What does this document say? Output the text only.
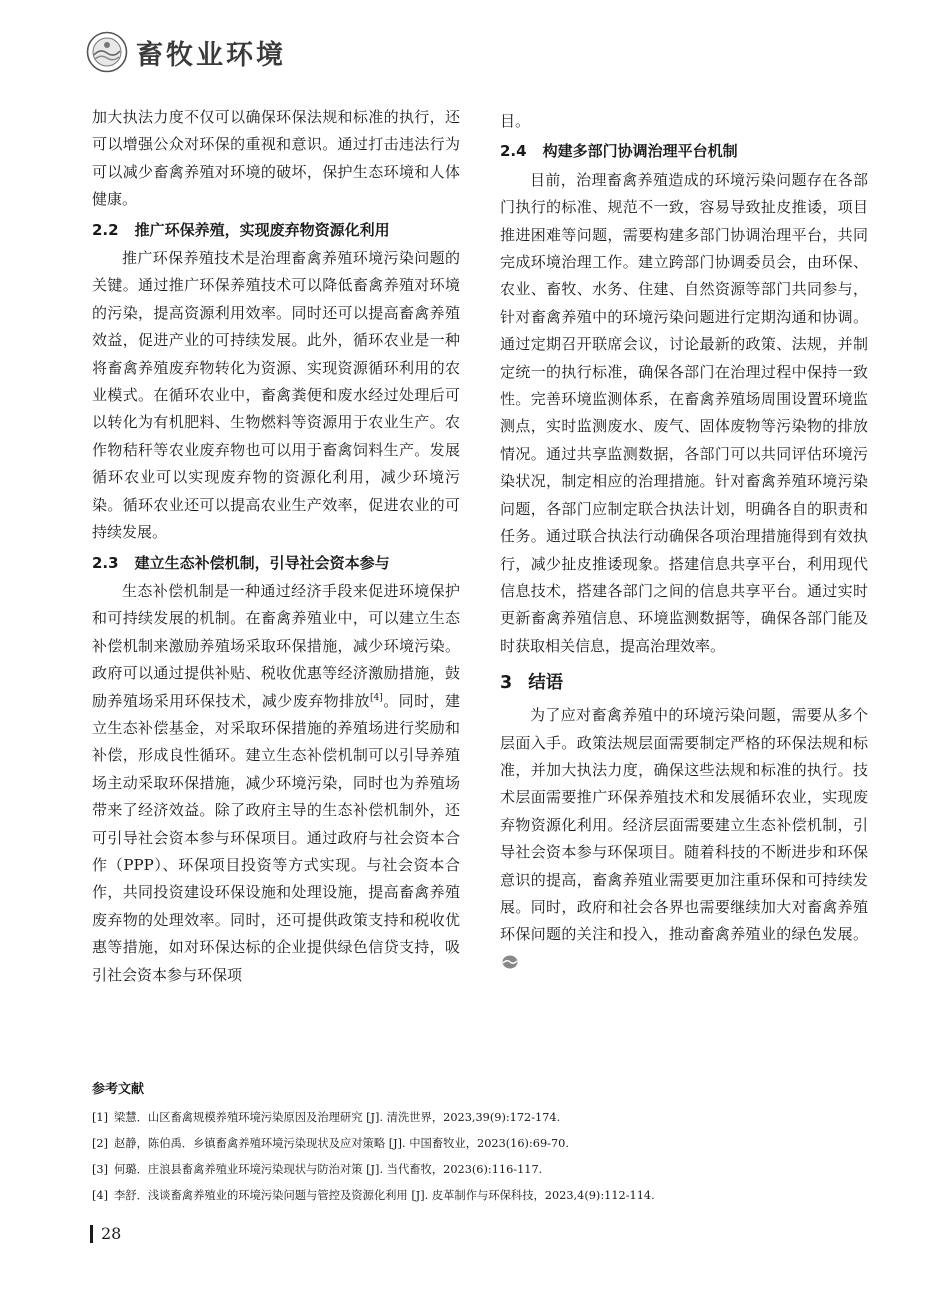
畜牧业环境

加大执法力度不仅可以确保环保法规和标准的执行，还可以增强公众对环保的重视和意识。通过打击违法行为可以减少畜禽养殖对环境的破坏，保护生态环境和人体健康。

2.2 推广环保养殖，实现废弃物资源化利用

推广环保养殖技术是治理畜禽养殖环境污染问题的关键。通过推广环保养殖技术可以降低畜禽养殖对环境的污染，提高资源利用效率。同时还可以提高畜禽养殖效益，促进产业的可持续发展。此外，循环农业是一种将畜禽养殖废弃物转化为资源、实现资源循环利用的农业模式。在循环农业中，畜禽粪便和废水经过处理后可以转化为有机肥料、生物燃料等资源用于农业生产。农作物秸秆等农业废弃物也可以用于畜禽饲料生产。发展循环农业可以实现废弃物的资源化利用，减少环境污染。循环农业还可以提高农业生产效率，促进农业的可持续发展。

2.3 建立生态补偿机制，引导社会资本参与

生态补偿机制是一种通过经济手段来促进环境保护和可持续发展的机制。在畜禽养殖业中，可以建立生态补偿机制来激励养殖场采取环保措施，减少环境污染。政府可以通过提供补贴、税收优惠等经济激励措施，鼓励养殖场采用环保技术，减少废弃物排放[4]。同时，建立生态补偿基金，对采取环保措施的养殖场进行奖励和补偿，形成良性循环。建立生态补偿机制可以引导养殖场主动采取环保措施，减少环境污染，同时也为养殖场带来了经济效益。除了政府主导的生态补偿机制外，还可引导社会资本参与环保项目。通过政府与社会资本合作（PPP）、环保项目投资等方式实现。与社会资本合作，共同投资建设环保设施和处理设施，提高畜禽养殖废弃物的处理效率。同时，还可提供政策支持和税收优惠等措施，如对环保达标的企业提供绿色信贷支持，吸引社会资本参与环保项

目。

2.4 构建多部门协调治理平台机制

目前，治理畜禽养殖造成的环境污染问题存在各部门执行的标准、规范不一致，容易导致扯皮推诿，项目推进困难等问题，需要构建多部门协调治理平台，共同完成环境治理工作。建立跨部门协调委员会，由环保、农业、畜牧、水务、住建、自然资源等部门共同参与，针对畜禽养殖中的环境污染问题进行定期沟通和协调。通过定期召开联席会议，讨论最新的政策、法规，并制定统一的执行标准，确保各部门在治理过程中保持一致性。完善环境监测体系，在畜禽养殖场周围设置环境监测点，实时监测废水、废气、固体废物等污染物的排放情况。通过共享监测数据，各部门可以共同评估环境污染状况，制定相应的治理措施。针对畜禽养殖环境污染问题，各部门应制定联合执法计划，明确各自的职责和任务。通过联合执法行动确保各项治理措施得到有效执行，减少扯皮推诿现象。搭建信息共享平台，利用现代信息技术，搭建各部门之间的信息共享平台。通过实时更新畜禽养殖信息、环境监测数据等，确保各部门能及时获取相关信息，提高治理效率。

3 结语

为了应对畜禽养殖中的环境污染问题，需要从多个层面入手。政策法规层面需要制定严格的环保法规和标准，并加大执法力度，确保这些法规和标准的执行。技术层面需要推广环保养殖技术和发展循环农业，实现废弃物资源化利用。经济层面需要建立生态补偿机制，引导社会资本参与环保项目。随着科技的不断进步和环保意识的提高，畜禽养殖业需要更加注重环保和可持续发展。同时，政府和社会各界也需要继续加大对畜禽养殖环保问题的关注和投入，推动畜禽养殖业的绿色发展。

参考文献
[1] 梁慧．山区畜禽规模养殖环境污染原因及治理研究 [J]. 清洗世界，2023,39(9):172-174.
[2] 赵静，陈伯禹．乡镇畜禽养殖环境污染现状及应对策略 [J]. 中国畜牧业，2023(16):69-70.
[3] 何璐．庄浪县畜禽养殖业环境污染现状与防治对策 [J]. 当代畜牧，2023(6):116-117.
[4] 李舒．浅谈畜禽养殖业的环境污染问题与管控及资源化利用 [J]. 皮革制作与环保科技，2023,4(9):112-114.
28
